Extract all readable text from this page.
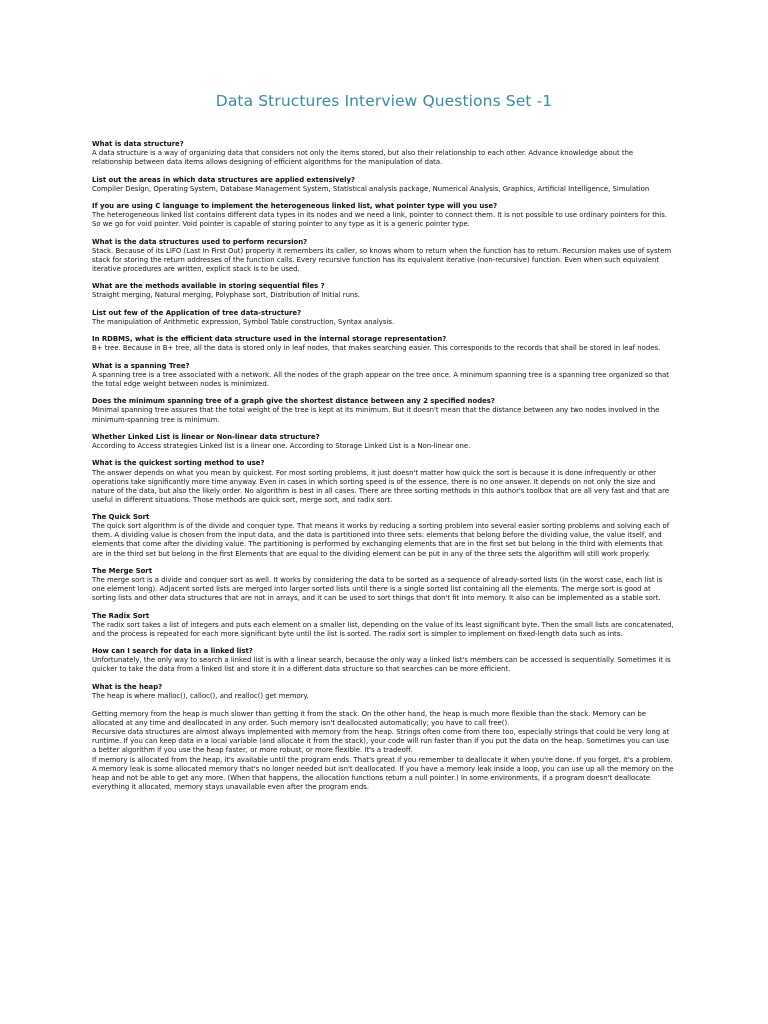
Data Structures Interview Questions Set -1
What is data structure?

A data structure is a way of organizing data that considers not only the items stored, but also their relationship to each other. Advance knowledge about the relationship between data items allows designing of efficient algorithms for the manipulation of data.

List out the areas in which data structures are applied extensively?

Compiler Design, Operating System, Database Management System, Statistical analysis package, Numerical Analysis, Graphics, Artificial Intelligence, Simulation

If you are using C language to implement the heterogeneous linked list, what pointer type will you use?

The heterogeneous linked list contains different data types in its nodes and we need a link, pointer to connect them. It is not possible to use ordinary pointers for this. So we go for void pointer. Void pointer is capable of storing pointer to any type as it is a generic pointer type.

What is the data structures used to perform recursion?

Stack. Because of its LIFO (Last In First Out) property it remembers its caller, so knows whom to return when the function has to return. Recursion makes use of system stack for storing the return addresses of the function calls. Every recursive function has its equivalent iterative (non-recursive) function. Even when such equivalent iterative procedures are written, explicit stack is to be used.

What are the methods available in storing sequential files ?

Straight merging, Natural merging, Polyphase sort, Distribution of Initial runs.

List out few of the Application of tree data-structure?

The manipulation of Arithmetic expression, Symbol Table construction, Syntax analysis.

In RDBMS, what is the efficient data structure used in the internal storage representation?

B+ tree. Because in B+ tree, all the data is stored only in leaf nodes, that makes searching easier. This corresponds to the records that shall be stored in leaf nodes.

What is a spanning Tree?

A spanning tree is a tree associated with a network. All the nodes of the graph appear on the tree once. A minimum spanning tree is a spanning tree organized so that the total edge weight between nodes is minimized.

Does the minimum spanning tree of a graph give the shortest distance between any 2 specified nodes?

Minimal spanning tree assures that the total weight of the tree is kept at its minimum. But it doesn't mean that the distance between any two nodes involved in the minimum-spanning tree is minimum.

Whether Linked List is linear or Non-linear data structure?

According to Access strategies Linked list is a linear one. According to Storage Linked List is a Non-linear one.

What is the quickest sorting method to use?

The answer depends on what you mean by quickest. For most sorting problems, it just doesn't matter how quick the sort is because it is done infrequently or other operations take significantly more time anyway. Even in cases in which sorting speed is of the essence, there is no one answer. It depends on not only the size and nature of the data, but also the likely order. No algorithm is best in all cases. There are three sorting methods in this author's toolbox that are all very fast and that are useful in different situations. Those methods are quick sort, merge sort, and radix sort.

The Quick Sort

The quick sort algorithm is of the divide and conquer type. That means it works by reducing a sorting problem into several easier sorting problems and solving each of them. A dividing value is chosen from the input data, and the data is partitioned into three sets: elements that belong before the dividing value, the value itself, and elements that come after the dividing value. The partitioning is performed by exchanging elements that are in the first set but belong in the third with elements that are in the third set but belong in the first Elements that are equal to the dividing element can be put in any of the three sets the algorithm will still work properly.

The Merge Sort

The merge sort is a divide and conquer sort as well. It works by considering the data to be sorted as a sequence of already-sorted lists (in the worst case, each list is one element long). Adjacent sorted lists are merged into larger sorted lists until there is a single sorted list containing all the elements. The merge sort is good at sorting lists and other data structures that are not in arrays, and it can be used to sort things that don't fit into memory. It also can be implemented as a stable sort.

The Radix Sort

The radix sort takes a list of integers and puts each element on a smaller list, depending on the value of its least significant byte. Then the small lists are concatenated, and the process is repeated for each more significant byte until the list is sorted. The radix sort is simpler to implement on fixed-length data such as ints.

How can I search for data in a linked list?

Unfortunately, the only way to search a linked list is with a linear search, because the only way a linked list's members can be accessed is sequentially. Sometimes it is quicker to take the data from a linked list and store it in a different data structure so that searches can be more efficient.

What is the heap?

The heap is where malloc(), calloc(), and realloc() get memory.

Getting memory from the heap is much slower than getting it from the stack. On the other hand, the heap is much more flexible than the stack. Memory can be allocated at any time and deallocated in any order. Such memory isn't deallocated automatically; you have to call free().

Recursive data structures are almost always implemented with memory from the heap. Strings often come from there too, especially strings that could be very long at runtime. If you can keep data in a local variable (and allocate it from the stack), your code will run faster than if you put the data on the heap. Sometimes you can use a better algorithm if you use the heap faster, or more robust, or more flexible. It's a tradeoff.

If memory is allocated from the heap, it's available until the program ends. That's great if you remember to deallocate it when you're done. If you forget, it's a problem. A memory leak is some allocated memory that's no longer needed but isn't deallocated. If you have a memory leak inside a loop, you can use up all the memory on the heap and not be able to get any more. (When that happens, the allocation functions return a null pointer.) In some environments, if a program doesn't deallocate everything it allocated, memory stays unavailable even after the program ends.
